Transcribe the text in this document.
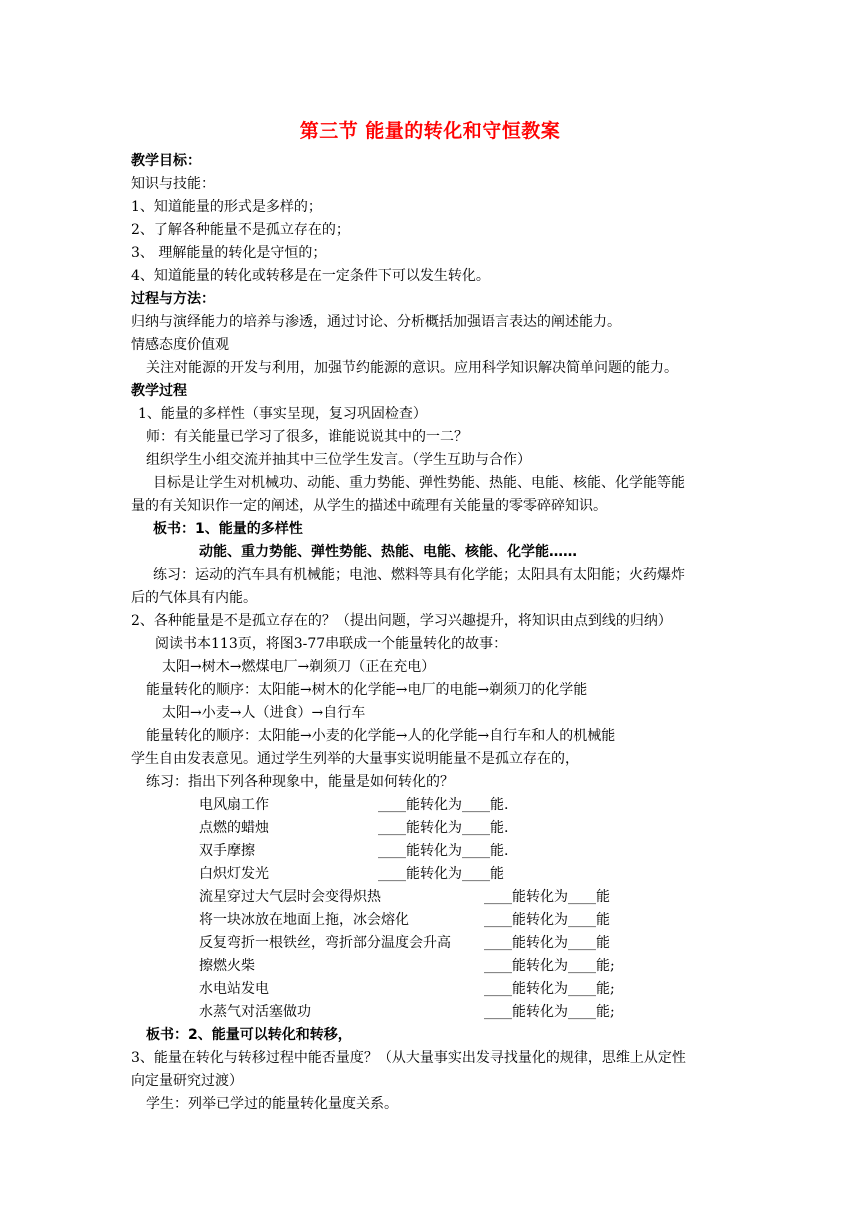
第三节 能量的转化和守恒教案
教学目标：
知识与技能：
1、知道能量的形式是多样的；
2、了解各种能量不是孤立存在的；
3、 理解能量的转化是守恒的；
4、知道能量的转化或转移是在一定条件下可以发生转化。
过程与方法：
归纳与演绎能力的培养与渗透，通过讨论、分析概括加强语言表达的阐述能力。
情感态度价值观
关注对能源的开发与利用，加强节约能源的意识。应用科学知识解决简单问题的能力。
教学过程
1、能量的多样性（事实呈现，复习巩固检查）
师：有关能量已学习了很多，谁能说说其中的一二？
组织学生小组交流并抽其中三位学生发言。（学生互助与合作）
目标是让学生对机械功、动能、重力势能、弹性势能、热能、电能、核能、化学能等能
量的有关知识作一定的阐述，从学生的描述中疏理有关能量的零零碎碎知识。
板书：1、能量的多样性
动能、重力势能、弹性势能、热能、电能、核能、化学能……
练习：运动的汽车具有机械能；电池、燃料等具有化学能；太阳具有太阳能；火药爆炸
后的气体具有内能。
2、各种能量是不是孤立存在的？（提出问题，学习兴趣提升，将知识由点到线的归纳）
阅读书本113页，将图3-77串联成一个能量转化的故事：
太阳→树木→燃煤电厂→剃须刀（正在充电）
能量转化的顺序：太阳能→树木的化学能→电厂的电能→剃须刀的化学能
太阳→小麦→人（进食）→自行车
能量转化的顺序：太阳能→小麦的化学能→人的化学能→自行车和人的机械能
学生自由发表意见。通过学生列举的大量事实说明能量不是孤立存在的，
练习：指出下列各种现象中，能量是如何转化的？
电风扇工作	____能转化为____能.
点燃的蜡烛	____能转化为____能.
双手摩擦	____能转化为____能.
白炽灯发光	____能转化为____能
流星穿过大气层时会变得炽热	____能转化为____能
将一块冰放在地面上拖，冰会熔化	____能转化为____能
反复弯折一根铁丝，弯折部分温度会升高 ____能转化为____能
擦燃火柴	____能转化为____能;
水电站发电	____能转化为____能;
水蒸气对活塞做功	____能转化为____能;
板书：2、能量可以转化和转移，
3、能量在转化与转移过程中能否量度？（从大量事实出发寻找量化的规律，思维上从定性
向定量研究过渡）
学生：列举已学过的能量转化量度关系。
